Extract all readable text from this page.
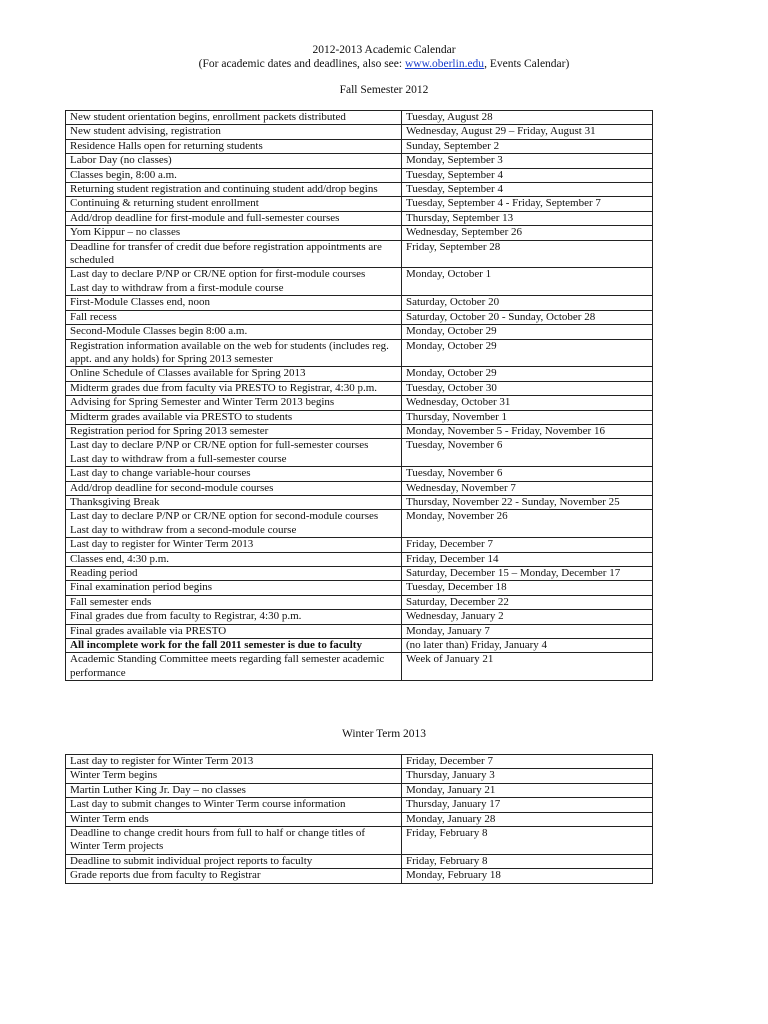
2012-2013 Academic Calendar
(For academic dates and deadlines, also see: www.oberlin.edu, Events Calendar)
Fall Semester 2012
New student orientation begins, enrollment packets distributed	Tuesday, August 28

New student advising, registration	Wednesday, August 29 – Friday, August 31

Residence Halls open for returning students	Sunday, September 2

Labor Day (no classes)	Monday, September 3

Classes begin, 8:00 a.m.	Tuesday, September 4

Returning student registration and continuing student add/drop begins	Tuesday, September 4

Continuing & returning student enrollment	Tuesday, September 4 - Friday, September 7

Add/drop deadline for first-module and full-semester courses	Thursday, September 13

Yom Kippur – no classes	Wednesday, September 26

Deadline for transfer of credit due before registration appointments are scheduled	Friday, September 28

Last day to declare P/NP or CR/NE option for first-module courses
Last day to withdraw from a first-module course	Monday, October 1

First-Module Classes end, noon	Saturday, October 20

Fall recess	Saturday, October 20 - Sunday, October 28

Second-Module Classes begin 8:00 a.m.	Monday, October 29

Registration information available on the web for students (includes reg. appt. and any holds) for Spring 2013 semester	Monday, October 29

Online Schedule of Classes available for Spring 2013	Monday, October 29

Midterm grades due from faculty via PRESTO to Registrar, 4:30 p.m.	Tuesday, October 30

Advising for Spring Semester and Winter Term 2013 begins	Wednesday, October 31

Midterm grades available via PRESTO to students	Thursday, November 1

Registration period for Spring 2013 semester	Monday, November 5 - Friday, November 16

Last day to declare P/NP or CR/NE option for full-semester courses
Last day to withdraw from a full-semester course	Tuesday, November 6

Last day to change variable-hour courses	Tuesday, November 6

Add/drop deadline for second-module courses	Wednesday, November 7

Thanksgiving Break	Thursday, November 22 - Sunday, November 25

Last day to declare P/NP or CR/NE option for second-module courses
Last day to withdraw from a second-module course	Monday, November 26

Last day to register for Winter Term 2013	Friday, December 7

Classes end, 4:30 p.m.	Friday, December 14

Reading period	Saturday, December 15 – Monday, December 17

Final examination period begins	Tuesday, December 18

Fall semester ends	Saturday, December 22

Final grades due from faculty to Registrar, 4:30 p.m.	Wednesday, January 2

Final grades available via PRESTO	Monday, January 7

All incomplete work for the fall 2011 semester is due to faculty	(no later than) Friday, January 4

Academic Standing Committee meets regarding fall semester academic performance	Week of January 21
Winter Term 2013
Last day to register for Winter Term 2013	Friday, December 7

Winter Term begins	Thursday, January 3

Martin Luther King Jr. Day – no classes	Monday, January 21

Last day to submit changes to Winter Term course information	Thursday, January 17

Winter Term ends	Monday, January 28

Deadline to change credit hours from full to half or change titles of Winter Term projects	Friday, February 8

Deadline to submit individual project reports to faculty	Friday, February 8

Grade reports due from faculty to Registrar	Monday, February 18
